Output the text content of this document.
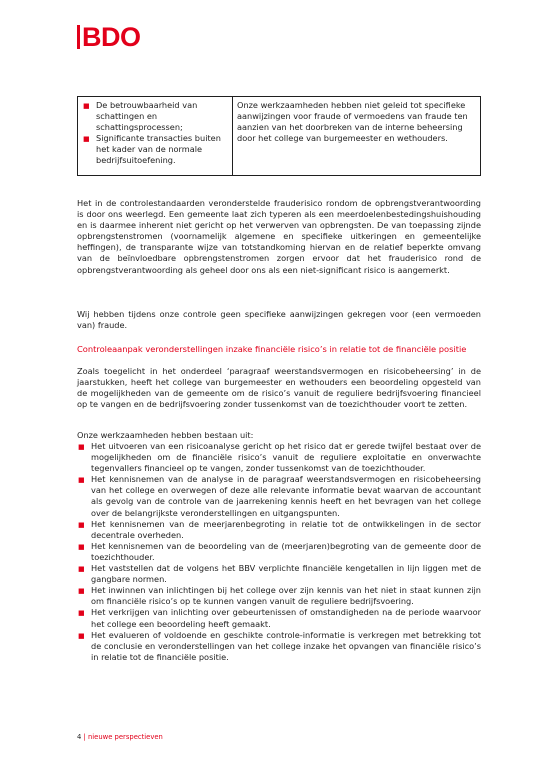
BDO
■ De betrouwbaarheid van schattingen en schattingsprocessen;
■ Significante transacties buiten het kader van de normale bedrijfsuitoefening.
	Onze werkzaamheden hebben niet geleid tot specifieke aanwijzingen voor fraude of vermoedens van fraude ten aanzien van het doorbreken van de interne beheersing door het college van burgemeester en wethouders.

Het in de controlestandaarden veronderstelde frauderisico rondom de opbrengstverantwoording is door ons weerlegd. Een gemeente laat zich typeren als een meerdoelenbestedingshuishouding en is daarmee inherent niet gericht op het verwerven van opbrengsten. De van toepassing zijnde opbrengstenstromen (voornamelijk algemene en specifieke uitkeringen en gemeentelijke heffingen), de transparante wijze van totstandkoming hiervan en de relatief beperkte omvang van de beïnvloedbare opbrengstenstromen zorgen ervoor dat het frauderisico rond de opbrengstverantwoording als geheel door ons als een niet-significant risico is aangemerkt.

Wij hebben tijdens onze controle geen specifieke aanwijzingen gekregen voor (een vermoeden van) fraude.

Controleaanpak veronderstellingen inzake financiële risico’s in relatie tot de financiële positie

Zoals toegelicht in het onderdeel ‘paragraaf weerstandsvermogen en risicobeheersing’ in de jaarstukken, heeft het college van burgemeester en wethouders een beoordeling opgesteld van de mogelijkheden van de gemeente om de risico’s vanuit de reguliere bedrijfsvoering financieel op te vangen en de bedrijfsvoering zonder tussenkomst van de toezichthouder voort te zetten.

Onze werkzaamheden hebben bestaan uit:

■ Het uitvoeren van een risicoanalyse gericht op het risico dat er gerede twijfel bestaat over de mogelijkheden om de financiële risico’s vanuit de reguliere exploitatie en onverwachte tegenvallers financieel op te vangen, zonder tussenkomst van de toezichthouder.
■ Het kennisnemen van de analyse in de paragraaf weerstandsvermogen en risicobeheersing van het college en overwegen of deze alle relevante informatie bevat waarvan de accountant als gevolg van de controle van de jaarrekening kennis heeft en het bevragen van het college over de belangrijkste veronderstellingen en uitgangspunten.
■ Het kennisnemen van de meerjarenbegroting in relatie tot de ontwikkelingen in de sector decentrale overheden.
■ Het kennisnemen van de beoordeling van de (meerjaren)begroting van de gemeente door de toezichthouder.
■ Het vaststellen dat de volgens het BBV verplichte financiële kengetallen in lijn liggen met de gangbare normen.
■ Het inwinnen van inlichtingen bij het college over zijn kennis van het niet in staat kunnen zijn om financiële risico’s op te kunnen vangen vanuit de reguliere bedrijfsvoering.
■ Het verkrijgen van inlichting over gebeurtenissen of omstandigheden na de periode waarvoor het college een beoordeling heeft gemaakt.
■ Het evalueren of voldoende en geschikte controle-informatie is verkregen met betrekking tot de conclusie en veronderstellingen van het college inzake het opvangen van financiële risico’s in relatie tot de financiële positie.
4 | nieuwe perspectieven
